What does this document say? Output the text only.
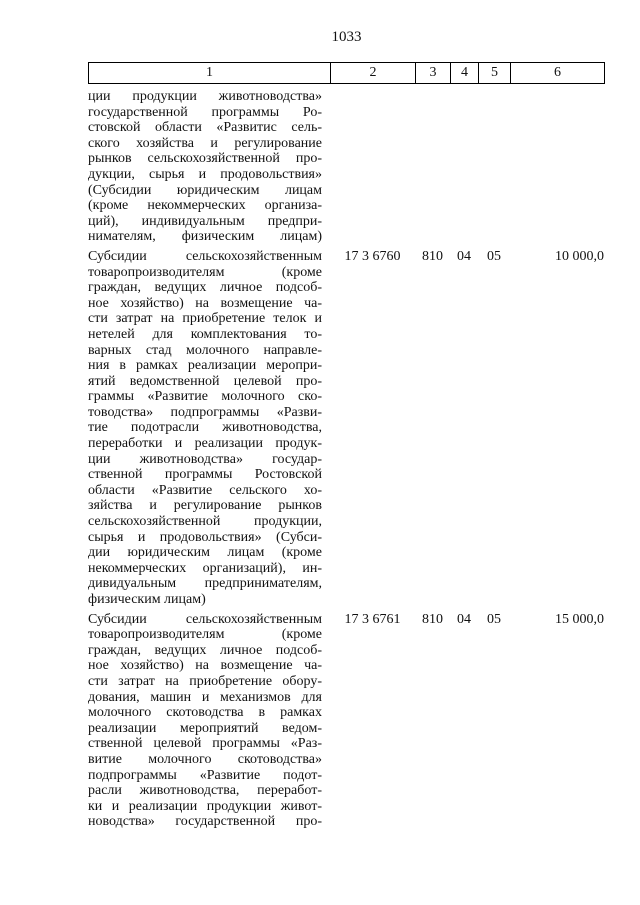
1033
1	2	3	4	5	6
ции продукции животноводства»
государственной программы Ро-
стовской области «Развитис сель-
ского хозяйства и регулирование
рынков сельскохозяйственной про-
дукции, сырья и продовольствия»
(Субсидии юридическим лицам
(кроме некоммерческих организа-
ций), индивидуальным предпри-
нимателям, физическим лицам)
Субсидии сельскохозяйственным
товаропроизводителям (кроме
граждан, ведущих личное подсоб-
ное хозяйство) на возмещение ча-
сти затрат на приобретение телок и
нетелей для комплектования то-
варных стад молочного направле-
ния в рамках реализации меропри-
ятий ведомственной целевой про-
граммы «Развитие молочного ско-
товодства» подпрограммы «Разви-
тие подотрасли животноводства,
переработки и реализации продук-
ции животноводства» государ-
ственной программы Ростовской
области «Развитие сельского хо-
зяйства и регулирование рынков
сельскохозяйственной продукции,
сырья и продовольствия» (Субси-
дии юридическим лицам (кроме
некоммерческих организаций), ин-
дивидуальным предпринимателям,
физическим лицам)
17 3 6760	810	04	05	10 000,0
Субсидии сельскохозяйственным
товаропроизводителям (кроме
граждан, ведущих личное подсоб-
ное хозяйство) на возмещение ча-
сти затрат на приобретение обору-
дования, машин и механизмов для
молочного скотоводства в рамках
реализации мероприятий ведом-
ственной целевой программы «Раз-
витие молочного скотоводства»
подпрограммы «Развитие подот-
расли животноводства, переработ-
ки и реализации продукции живот-
новодства» государственной про-
17 3 6761	810	04	05	15 000,0
